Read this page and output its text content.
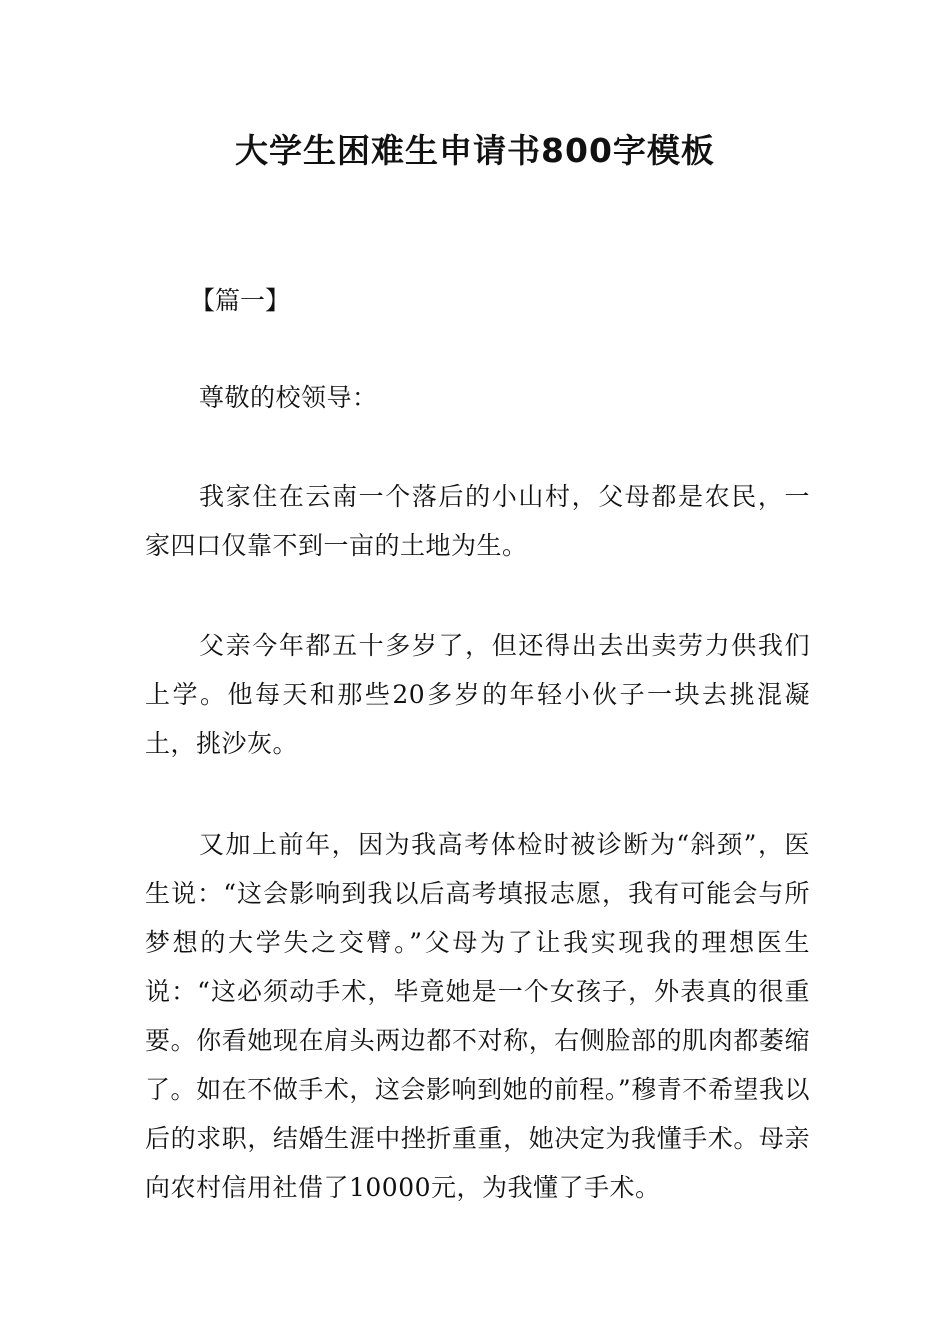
大学生困难生申请书800字模板

【篇一】

尊敬的校领导：

我家住在云南一个落后的小山村，父母都是农民，一家四口仅靠不到一亩的土地为生。

父亲今年都五十多岁了，但还得出去出卖劳力供我们上学。他每天和那些20多岁的年轻小伙子一块去挑混凝土，挑沙灰。

又加上前年，因为我高考体检时被诊断为“斜颈”，医生说：“这会影响到我以后高考填报志愿，我有可能会与所梦想的大学失之交臂。”父母为了让我实现我的理想医生说：“这必须动手术，毕竟她是一个女孩子，外表真的很重要。你看她现在肩头两边都不对称，右侧脸部的肌肉都萎缩了。如在不做手术，这会影响到她的前程。”穆青不希望我以后的求职，结婚生涯中挫折重重，她决定为我懂手术。母亲向农村信用社借了10000元，为我懂了手术。
